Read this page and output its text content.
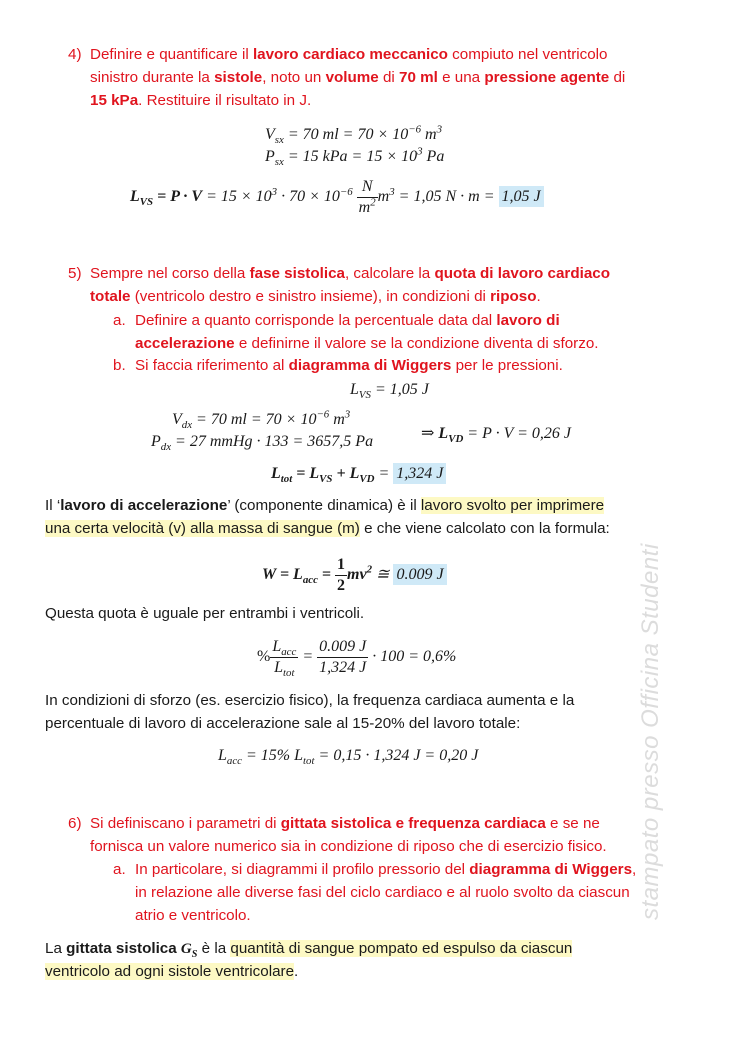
4) Definire e quantificare il lavoro cardiaco meccanico compiuto nel ventricolo
sinistro durante la sistole, noto un volume di 70 ml e una pressione agente di
15 kPa. Restituire il risultato in J.
$V_{sx} = 70$ ml = $70 \times 10^{-6}$ $m^3$
$P_{sx} = 15$ kPa = $15 \times 10^3$ Pa
$L_{VS} = P \cdot V = 15 \times 10^3 \cdot 70 \times 10^{-6} \frac{N}{m^2} m^3 = 1,05$ N · m = 1,05 J
5) Sempre nel corso della fase sistolica, calcolare la quota di lavoro cardiaco
totale (ventricolo destro e sinistro insieme), in condizioni di riposo.
a. Definire a quanto corrisponde la percentuale data dal lavoro di
accelerazione e definirne il valore se la condizione diventa di sforzo.
b. Si faccia riferimento al diagramma di Wiggers per le pressioni.
$L_{VS} = 1,05$ J
$V_{dx} = 70$ ml = $70 \times 10^{-6}$ $m^3$
$P_{dx} = 27$ mmHg · 133 = 3657,5 Pa	⇒ $L_{VD} = P \cdot V = 0,26$ J
$L_{tot} = L_{VS} + L_{VD} = 1,324$ J
Il ‘lavoro di accelerazione’ (componente dinamica) è il lavoro svolto per imprimere
una certa velocità (v) alla massa di sangue (m) e che viene calcolato con la formula:
$W = L_{acc} = \frac{1}{2} mv^2$ ≅ 0.009 J
Questa quota è uguale per entrambi i ventricoli.
% $\frac{L_{acc}}{L_{tot}} = \frac{0.009 J}{1,324 J} \cdot 100 = 0,6\%$
In condizioni di sforzo (es. esercizio fisico), la frequenza cardiaca aumenta e la
percentuale di lavoro di accelerazione sale al 15-20% del lavoro totale:
$L_{acc} = 15\%$ $L_{tot} = 0,15 \cdot 1,324$ J = 0,20 J
6) Si definiscano i parametri di gittata sistolica e frequenza cardiaca e se ne
fornisca un valore numerico sia in condizione di riposo che di esercizio fisico.
a. In particolare, si diagrammi il profilo pressorio del diagramma di Wiggers,
in relazione alle diverse fasi del ciclo cardiaco e al ruolo svolto da ciascun
atrio e ventricolo.
La gittata sistolica $G_S$ è la quantità di sangue pompato ed espulso da ciascun
ventricolo ad ogni sistole ventricolare.
stampato presso Officina Studenti
